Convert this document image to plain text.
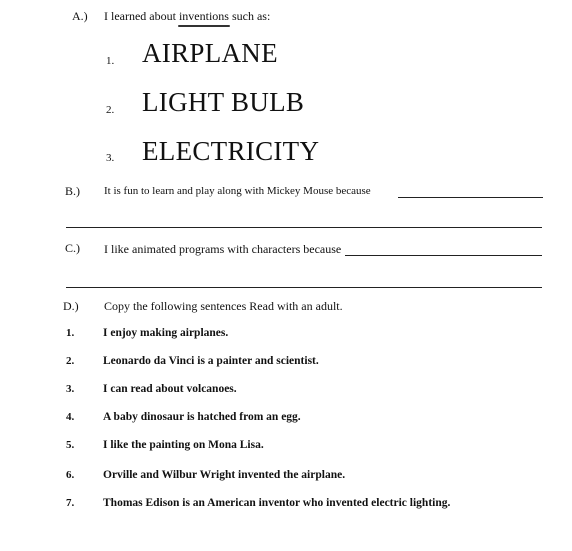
A.) I learned about inventions such as:
1. AIRPLANE
2. LIGHT BULB
3. ELECTRICITY
B.) It is fun to learn and play along with Mickey Mouse because
C.) I like animated programs with characters because
D.) Copy the following sentences Read with an adult.
1.	I enjoy making airplanes.
2.	Leonardo da Vinci is a painter and scientist.
3.	I can read about volcanoes.
4.	A baby dinosaur is hatched from an egg.
5.	I like the painting on Mona Lisa.
6.	Orville and Wilbur Wright invented the airplane.
7.	Thomas Edison is an American inventor who invented electric lighting.
